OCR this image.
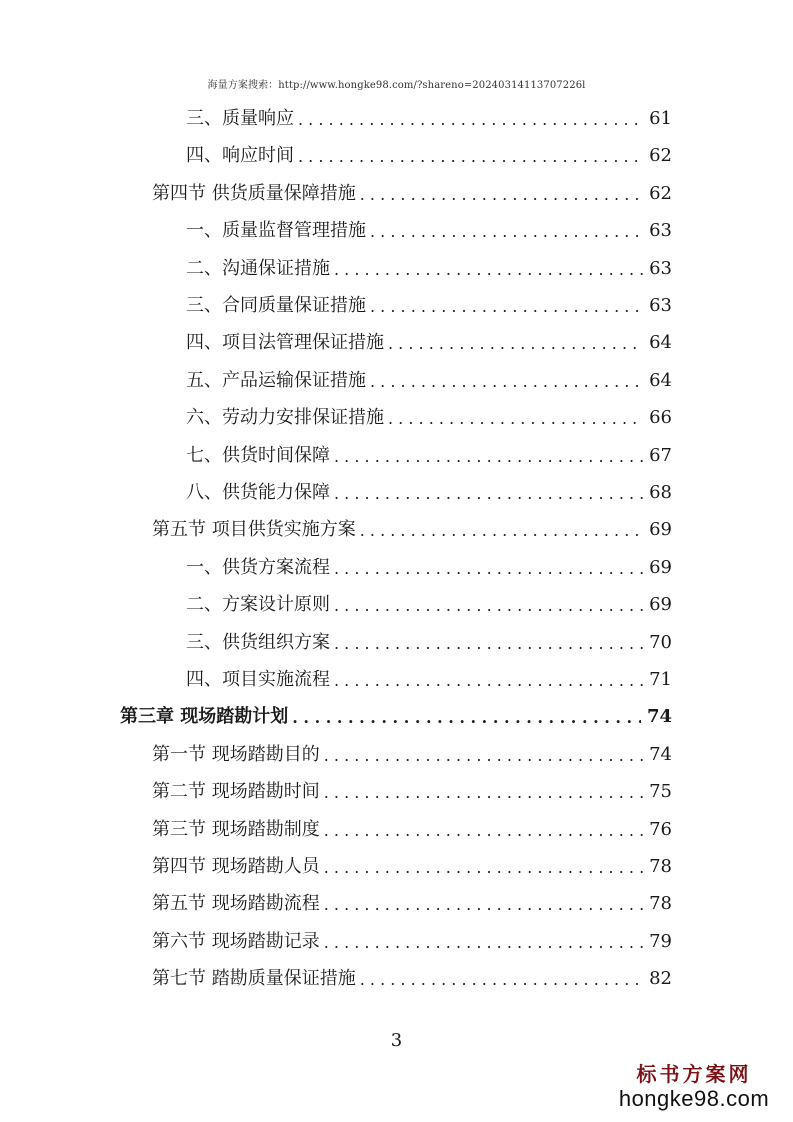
海量方案搜索：http://www.hongke98.com/?shareno=20240314113707226l
三、质量响应 . . .	61
四、响应时间 . . .	62
第四节 供货质量保障措施 . . .	62
一、质量监督管理措施 . . .	63
二、沟通保证措施 . . .	63
三、合同质量保证措施 . . .	63
四、项目法管理保证措施 . . .	64
五、产品运输保证措施 . . .	64
六、劳动力安排保证措施 . . .	66
七、供货时间保障 . . .	67
八、供货能力保障 . . .	68
第五节 项目供货实施方案 . . .	69
一、供货方案流程 . . .	69
二、方案设计原则 . . .	69
三、供货组织方案 . . .	70
四、项目实施流程 . . .	71
第三章 现场踏勘计划 . . .	74
第一节 现场踏勘目的 . . .	74
第二节 现场踏勘时间 . . .	75
第三节 现场踏勘制度 . . .	76
第四节 现场踏勘人员 . . .	78
第五节 现场踏勘流程 . . .	78
第六节 现场踏勘记录 . . .	79
第七节 踏勘质量保证措施 . . .	82
3
标书方案网
hongke98.com
